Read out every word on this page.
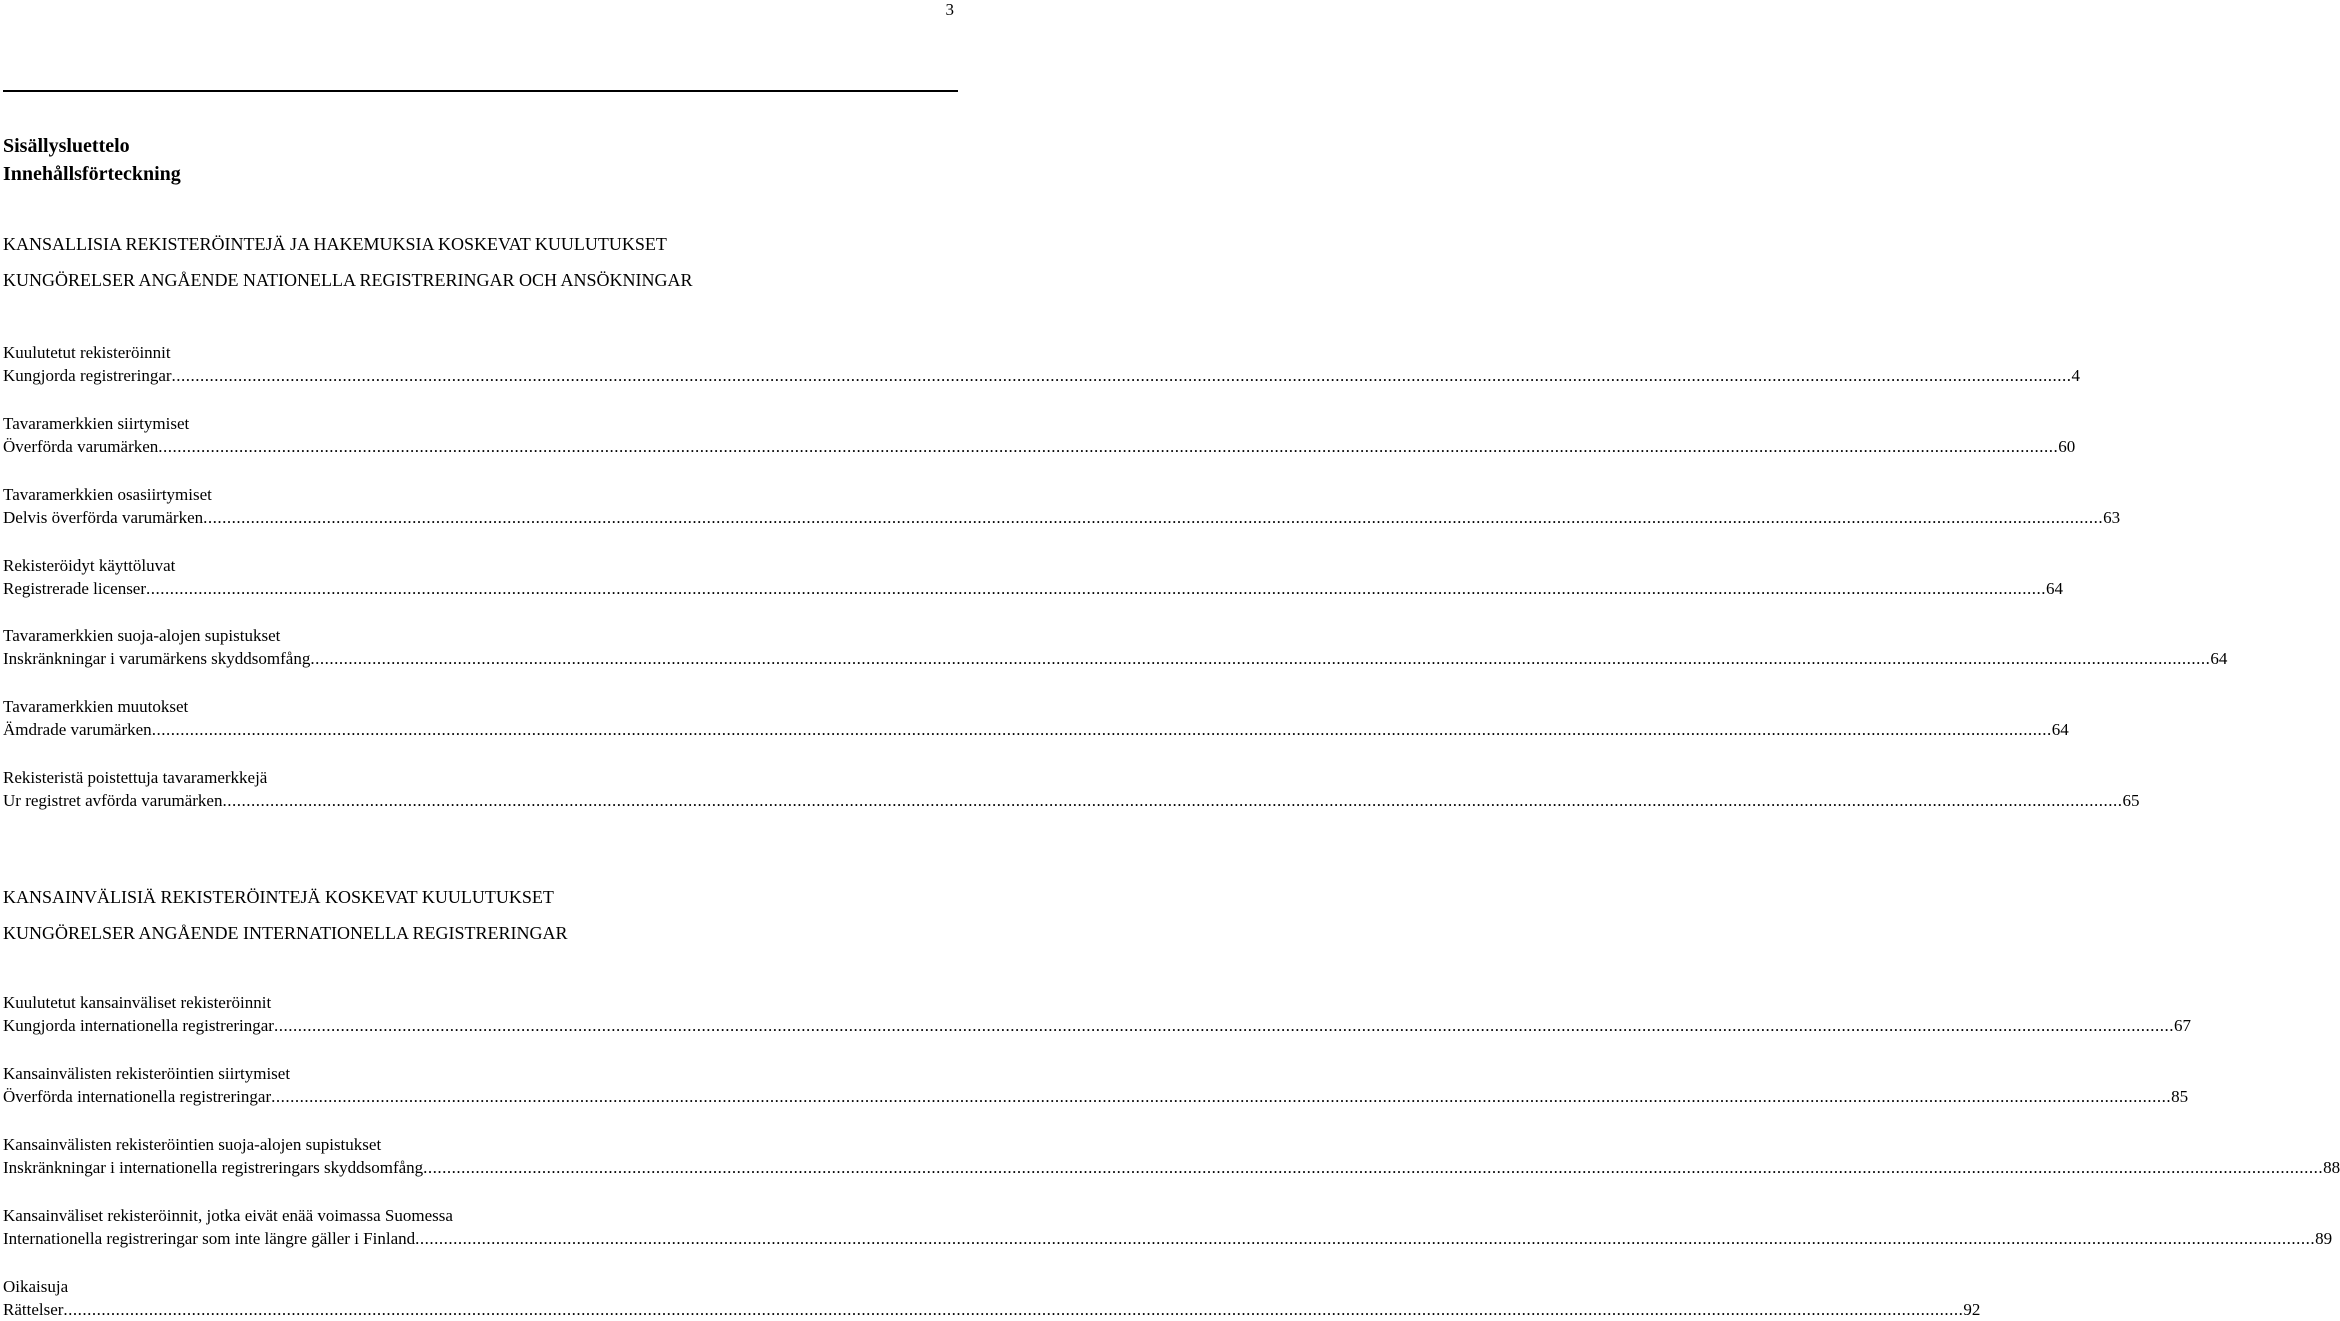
3
Sisällysluettelo
Innehållsförteckning
KANSALLISIA REKISTERÖINTEJÄ JA HAKEMUKSIA KOSKEVAT KUULUTUKSET
KUNGÖRELSER ANGÅENDE NATIONELLA REGISTRERINGAR OCH ANSÖKNINGAR
Kuulutetut rekisteröinnit
Kungjorda registreringar ................................................................................................................................................................................................................................................................................................................................................................................................................ 4
Tavaramerkkien siirtymiset
Överförda varumärken ................................................................................................................................................................................................................................................................................................................................................................................................................ 60
Tavaramerkkien osasiirtymiset
Delvis överförda varumärken ................................................................................................................................................................................................................................................................................................................................................................................................................ 63
Rekisteröidyt käyttöluvat
Registrerade licenser ................................................................................................................................................................................................................................................................................................................................................................................................................ 64
Tavaramerkkien suoja-alojen supistukset
Inskränkningar i varumärkens skyddsomfång ................................................................................................................................................................................................................................................................................................................................................................................................................ 64
Tavaramerkkien muutokset
Ämdrade varumärken ................................................................................................................................................................................................................................................................................................................................................................................................................ 64
Rekisteristä poistettuja tavaramerkkejä
Ur registret avförda varumärken ................................................................................................................................................................................................................................................................................................................................................................................................................ 65
KANSAINVÄLISIÄ REKISTERÖINTEJÄ KOSKEVAT KUULUTUKSET
KUNGÖRELSER ANGÅENDE INTERNATIONELLA REGISTRERINGAR
Kuulutetut kansainväliset rekisteröinnit
Kungjorda internationella registreringar ................................................................................................................................................................................................................................................................................................................................................................................................................ 67
Kansainvälisten rekisteröintien siirtymiset
Överförda internationella registreringar ................................................................................................................................................................................................................................................................................................................................................................................................................ 85
Kansainvälisten rekisteröintien suoja-alojen supistukset
Inskränkningar i internationella registreringars skyddsomfång ................................................................................................................................................................................................................................................................................................................................................................................................................ 88
Kansainväliset rekisteröinnit, jotka eivät enää voimassa Suomessa
Internationella registreringar som inte längre gäller i Finland ................................................................................................................................................................................................................................................................................................................................................................................................................ 89
Oikaisuja
Rättelser ................................................................................................................................................................................................................................................................................................................................................................................................................ 92
